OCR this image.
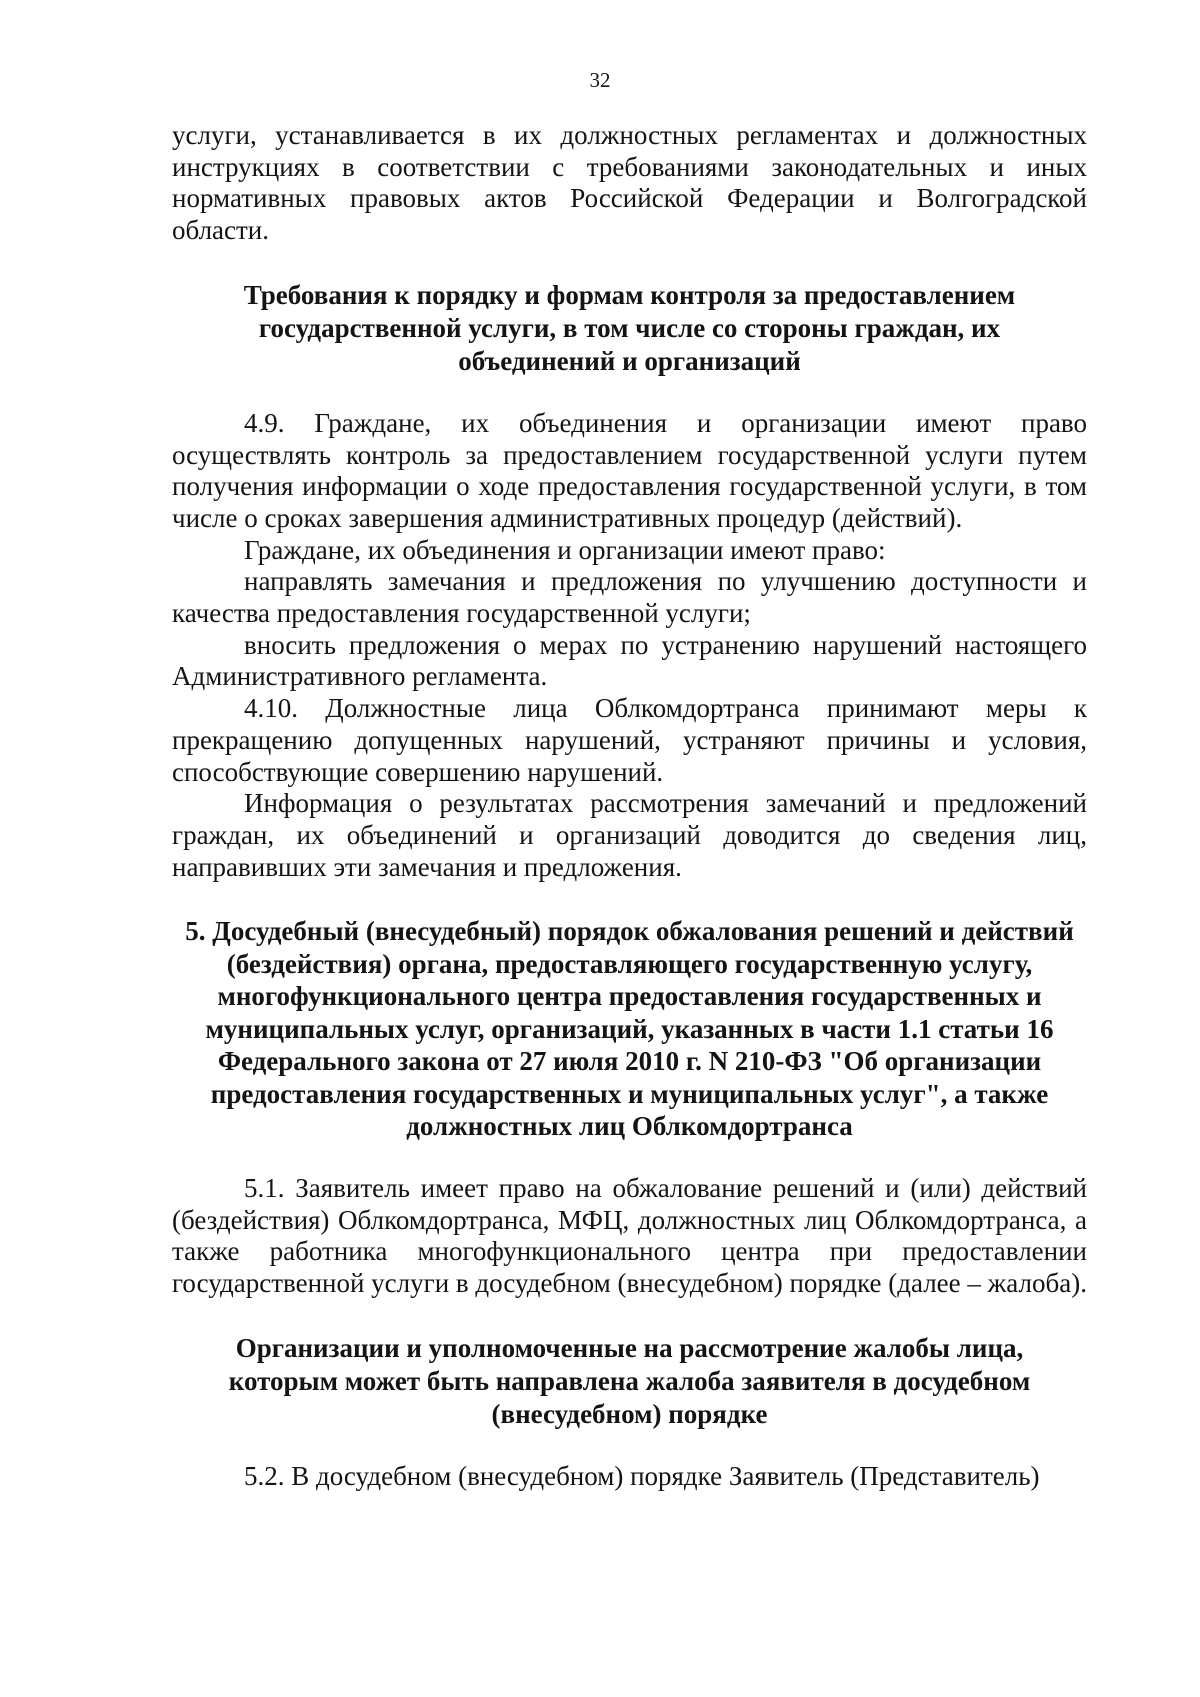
32

услуги, устанавливается в их должностных регламентах и должностных инструкциях в соответствии с требованиями законодательных и иных нормативных правовых актов Российской Федерации и Волгоградской области.

Требования к порядку и формам контроля за предоставлением государственной услуги, в том числе со стороны граждан, их объединений и организаций

4.9. Граждане, их объединения и организации имеют право осуществлять контроль за предоставлением государственной услуги путем получения информации о ходе предоставления государственной услуги, в том числе о сроках завершения административных процедур (действий).

Граждане, их объединения и организации имеют право:

направлять замечания и предложения по улучшению доступности и качества предоставления государственной услуги;

вносить предложения о мерах по устранению нарушений настоящего Административного регламента.

4.10. Должностные лица Облкомдортранса принимают меры к прекращению допущенных нарушений, устраняют причины и условия, способствующие совершению нарушений.

Информация о результатах рассмотрения замечаний и предложений граждан, их объединений и организаций доводится до сведения лиц, направивших эти замечания и предложения.

5. Досудебный (внесудебный) порядок обжалования решений и действий (бездействия) органа, предоставляющего государственную услугу, многофункционального центра предоставления государственных и муниципальных услуг, организаций, указанных в части 1.1 статьи 16 Федерального закона от 27 июля 2010 г. N 210-ФЗ "Об организации предоставления государственных и муниципальных услуг", а также должностных лиц Облкомдортранса

5.1. Заявитель имеет право на обжалование решений и (или) действий (бездействия) Облкомдортранса, МФЦ, должностных лиц Облкомдортранса, а также работника многофункционального центра при предоставлении государственной услуги в досудебном (внесудебном) порядке (далее – жалоба).

Организации и уполномоченные на рассмотрение жалобы лица, которым может быть направлена жалоба заявителя в досудебном (внесудебном) порядке

5.2. В досудебном (внесудебном) порядке Заявитель (Представитель)
